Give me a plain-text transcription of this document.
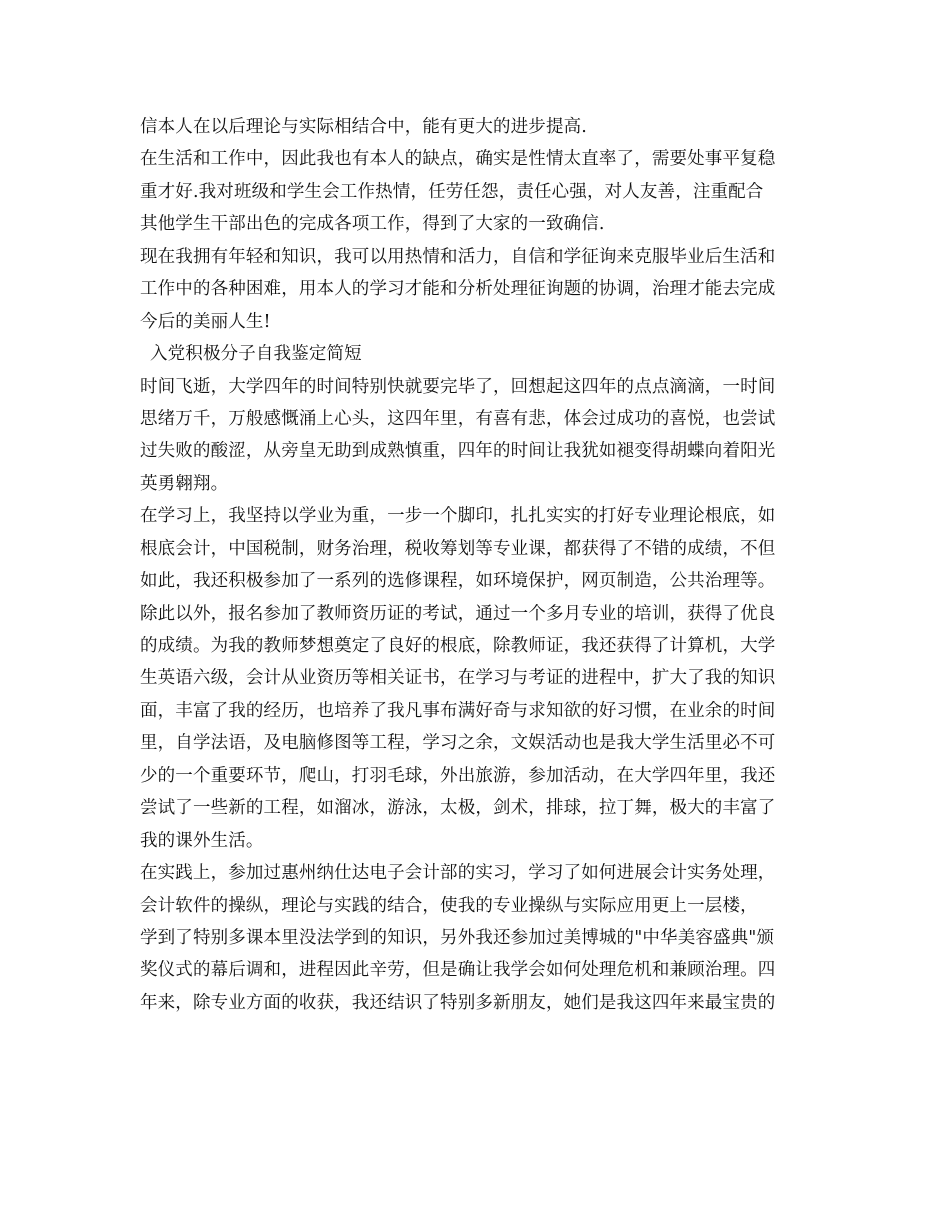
信本人在以后理论与实际相结合中，能有更大的进步提高.
在生活和工作中，因此我也有本人的缺点，确实是性情太直率了，需要处事平复稳
重才好.我对班级和学生会工作热情，任劳任怨，责任心强，对人友善，注重配合
其他学生干部出色的完成各项工作，得到了大家的一致确信.
现在我拥有年轻和知识，我可以用热情和活力，自信和学征询来克服毕业后生活和
工作中的各种困难，用本人的学习才能和分析处理征询题的协调，治理才能去完成
今后的美丽人生!
入党积极分子自我鉴定简短
时间飞逝，大学四年的时间特别快就要完毕了，回想起这四年的点点滴滴，一时间
思绪万千，万般感慨涌上心头，这四年里，有喜有悲，体会过成功的喜悦，也尝试
过失败的酸涩，从旁皇无助到成熟慎重，四年的时间让我犹如褪变得胡蝶向着阳光
英勇翱翔。
在学习上，我坚持以学业为重，一步一个脚印，扎扎实实的打好专业理论根底，如
根底会计，中国税制，财务治理，税收筹划等专业课，都获得了不错的成绩，不但
如此，我还积极参加了一系列的选修课程，如环境保护，网页制造，公共治理等。
除此以外，报名参加了教师资历证的考试，通过一个多月专业的培训，获得了优良
的成绩。为我的教师梦想奠定了良好的根底，除教师证，我还获得了计算机，大学
生英语六级，会计从业资历等相关证书，在学习与考证的进程中，扩大了我的知识
面，丰富了我的经历，也培养了我凡事布满好奇与求知欲的好习惯，在业余的时间
里，自学法语，及电脑修图等工程，学习之余，文娱活动也是我大学生活里必不可
少的一个重要环节，爬山，打羽毛球，外出旅游，参加活动，在大学四年里，我还
尝试了一些新的工程，如溜冰，游泳，太极，剑术，排球，拉丁舞，极大的丰富了
我的课外生活。
在实践上，参加过惠州纳仕达电子会计部的实习，学习了如何进展会计实务处理，
会计软件的操纵，理论与实践的结合，使我的专业操纵与实际应用更上一层楼，
学到了特别多课本里没法学到的知识，另外我还参加过美博城的"中华美容盛典"颁
奖仪式的幕后调和，进程因此辛劳，但是确让我学会如何处理危机和兼顾治理。四
年来，除专业方面的收获，我还结识了特别多新朋友，她们是我这四年来最宝贵的
